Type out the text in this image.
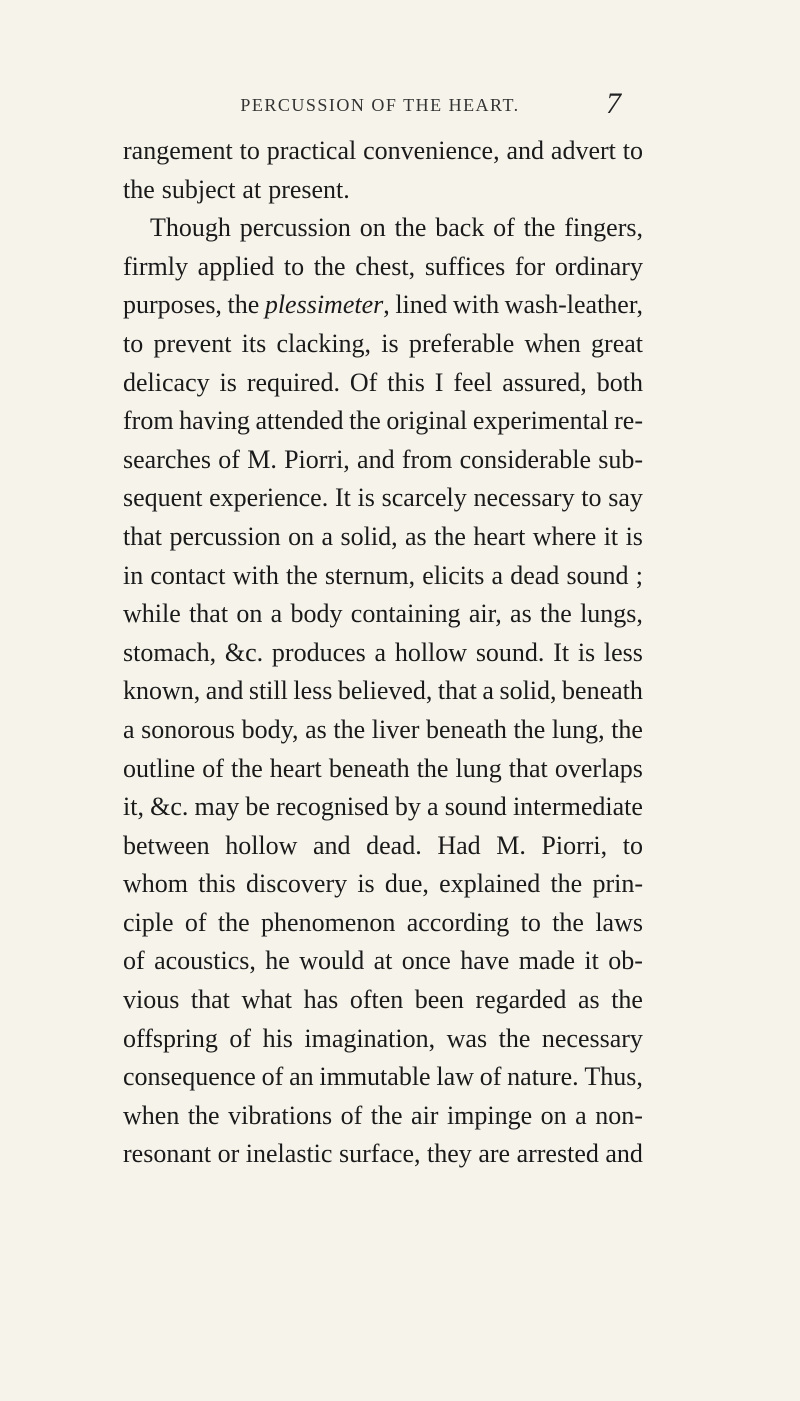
PERCUSSION OF THE HEART.	7
rangement to practical convenience, and advert to
the subject at present.
Though percussion on the back of the fingers,
firmly applied to the chest, suffices for ordinary
purposes, the plessimeter, lined with wash-leather,
to prevent its clacking, is preferable when great
delicacy is required. Of this I feel assured, both
from having attended the original experimental re-
searches of M. Piorri, and from considerable sub-
sequent experience. It is scarcely necessary to say
that percussion on a solid, as the heart where it is
in contact with the sternum, elicits a dead sound ;
while that on a body containing air, as the lungs,
stomach, &c. produces a hollow sound. It is less
known, and still less believed, that a solid, beneath
a sonorous body, as the liver beneath the lung, the
outline of the heart beneath the lung that overlaps
it, &c. may be recognised by a sound intermediate
between hollow and dead. Had M. Piorri, to
whom this discovery is due, explained the prin-
ciple of the phenomenon according to the laws
of acoustics, he would at once have made it ob-
vious that what has often been regarded as the
offspring of his imagination, was the necessary
consequence of an immutable law of nature. Thus,
when the vibrations of the air impinge on a non-
resonant or inelastic surface, they are arrested and
